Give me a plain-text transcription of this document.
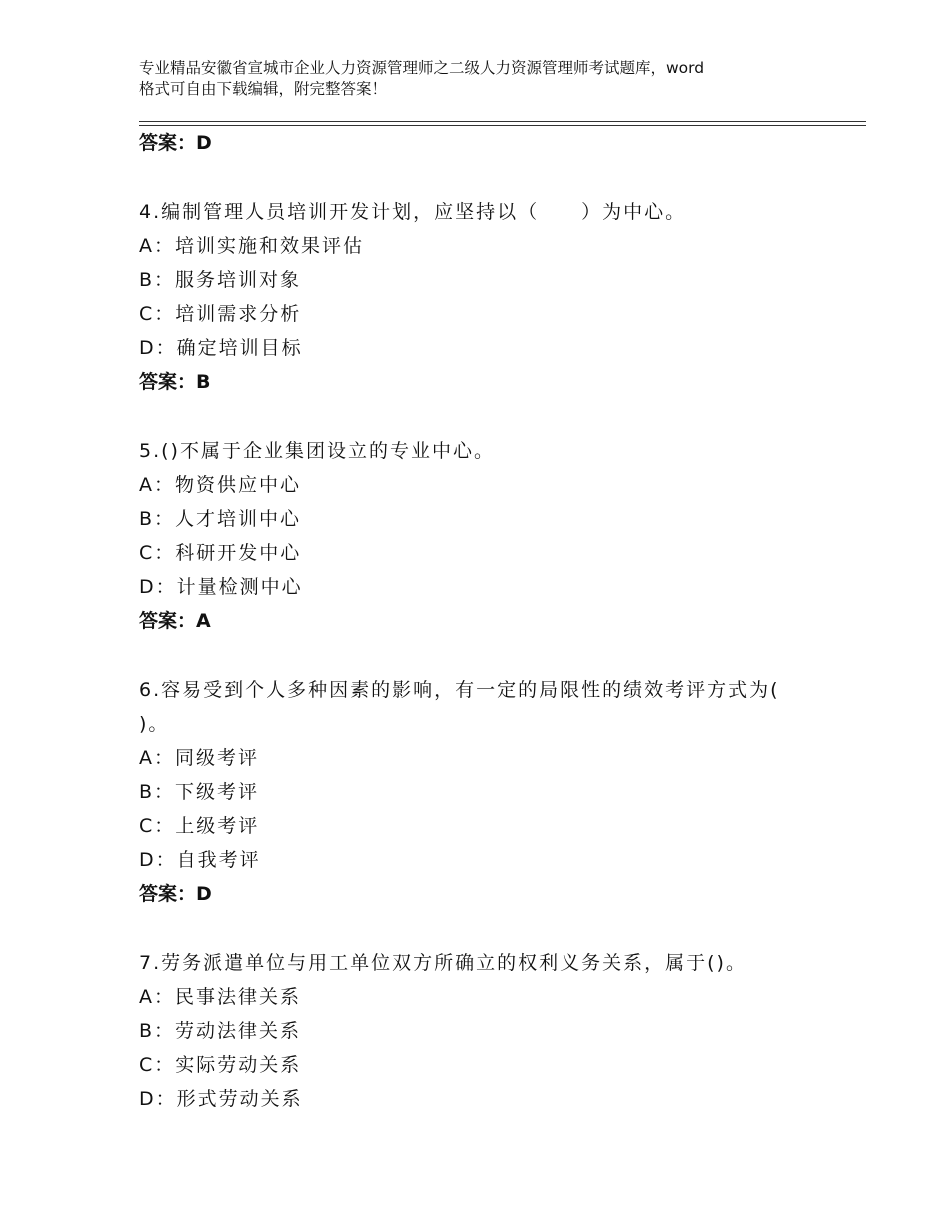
专业精品安徽省宣城市企业人力资源管理师之二级人力资源管理师考试题库，word
格式可自由下载编辑，附完整答案！
答案：D
4.编制管理人员培训开发计划，应坚持以（　　）为中心。
A：培训实施和效果评估
B：服务培训对象
C：培训需求分析
D：确定培训目标
答案：B
5.()不属于企业集团设立的专业中心。
A：物资供应中心
B：人才培训中心
C：科研开发中心
D：计量检测中心
答案：A
6.容易受到个人多种因素的影响，有一定的局限性的绩效考评方式为(
)。
A：同级考评
B：下级考评
C：上级考评
D：自我考评
答案：D
7.劳务派遣单位与用工单位双方所确立的权利义务关系，属于()。
A：民事法律关系
B：劳动法律关系
C：实际劳动关系
D：形式劳动关系
